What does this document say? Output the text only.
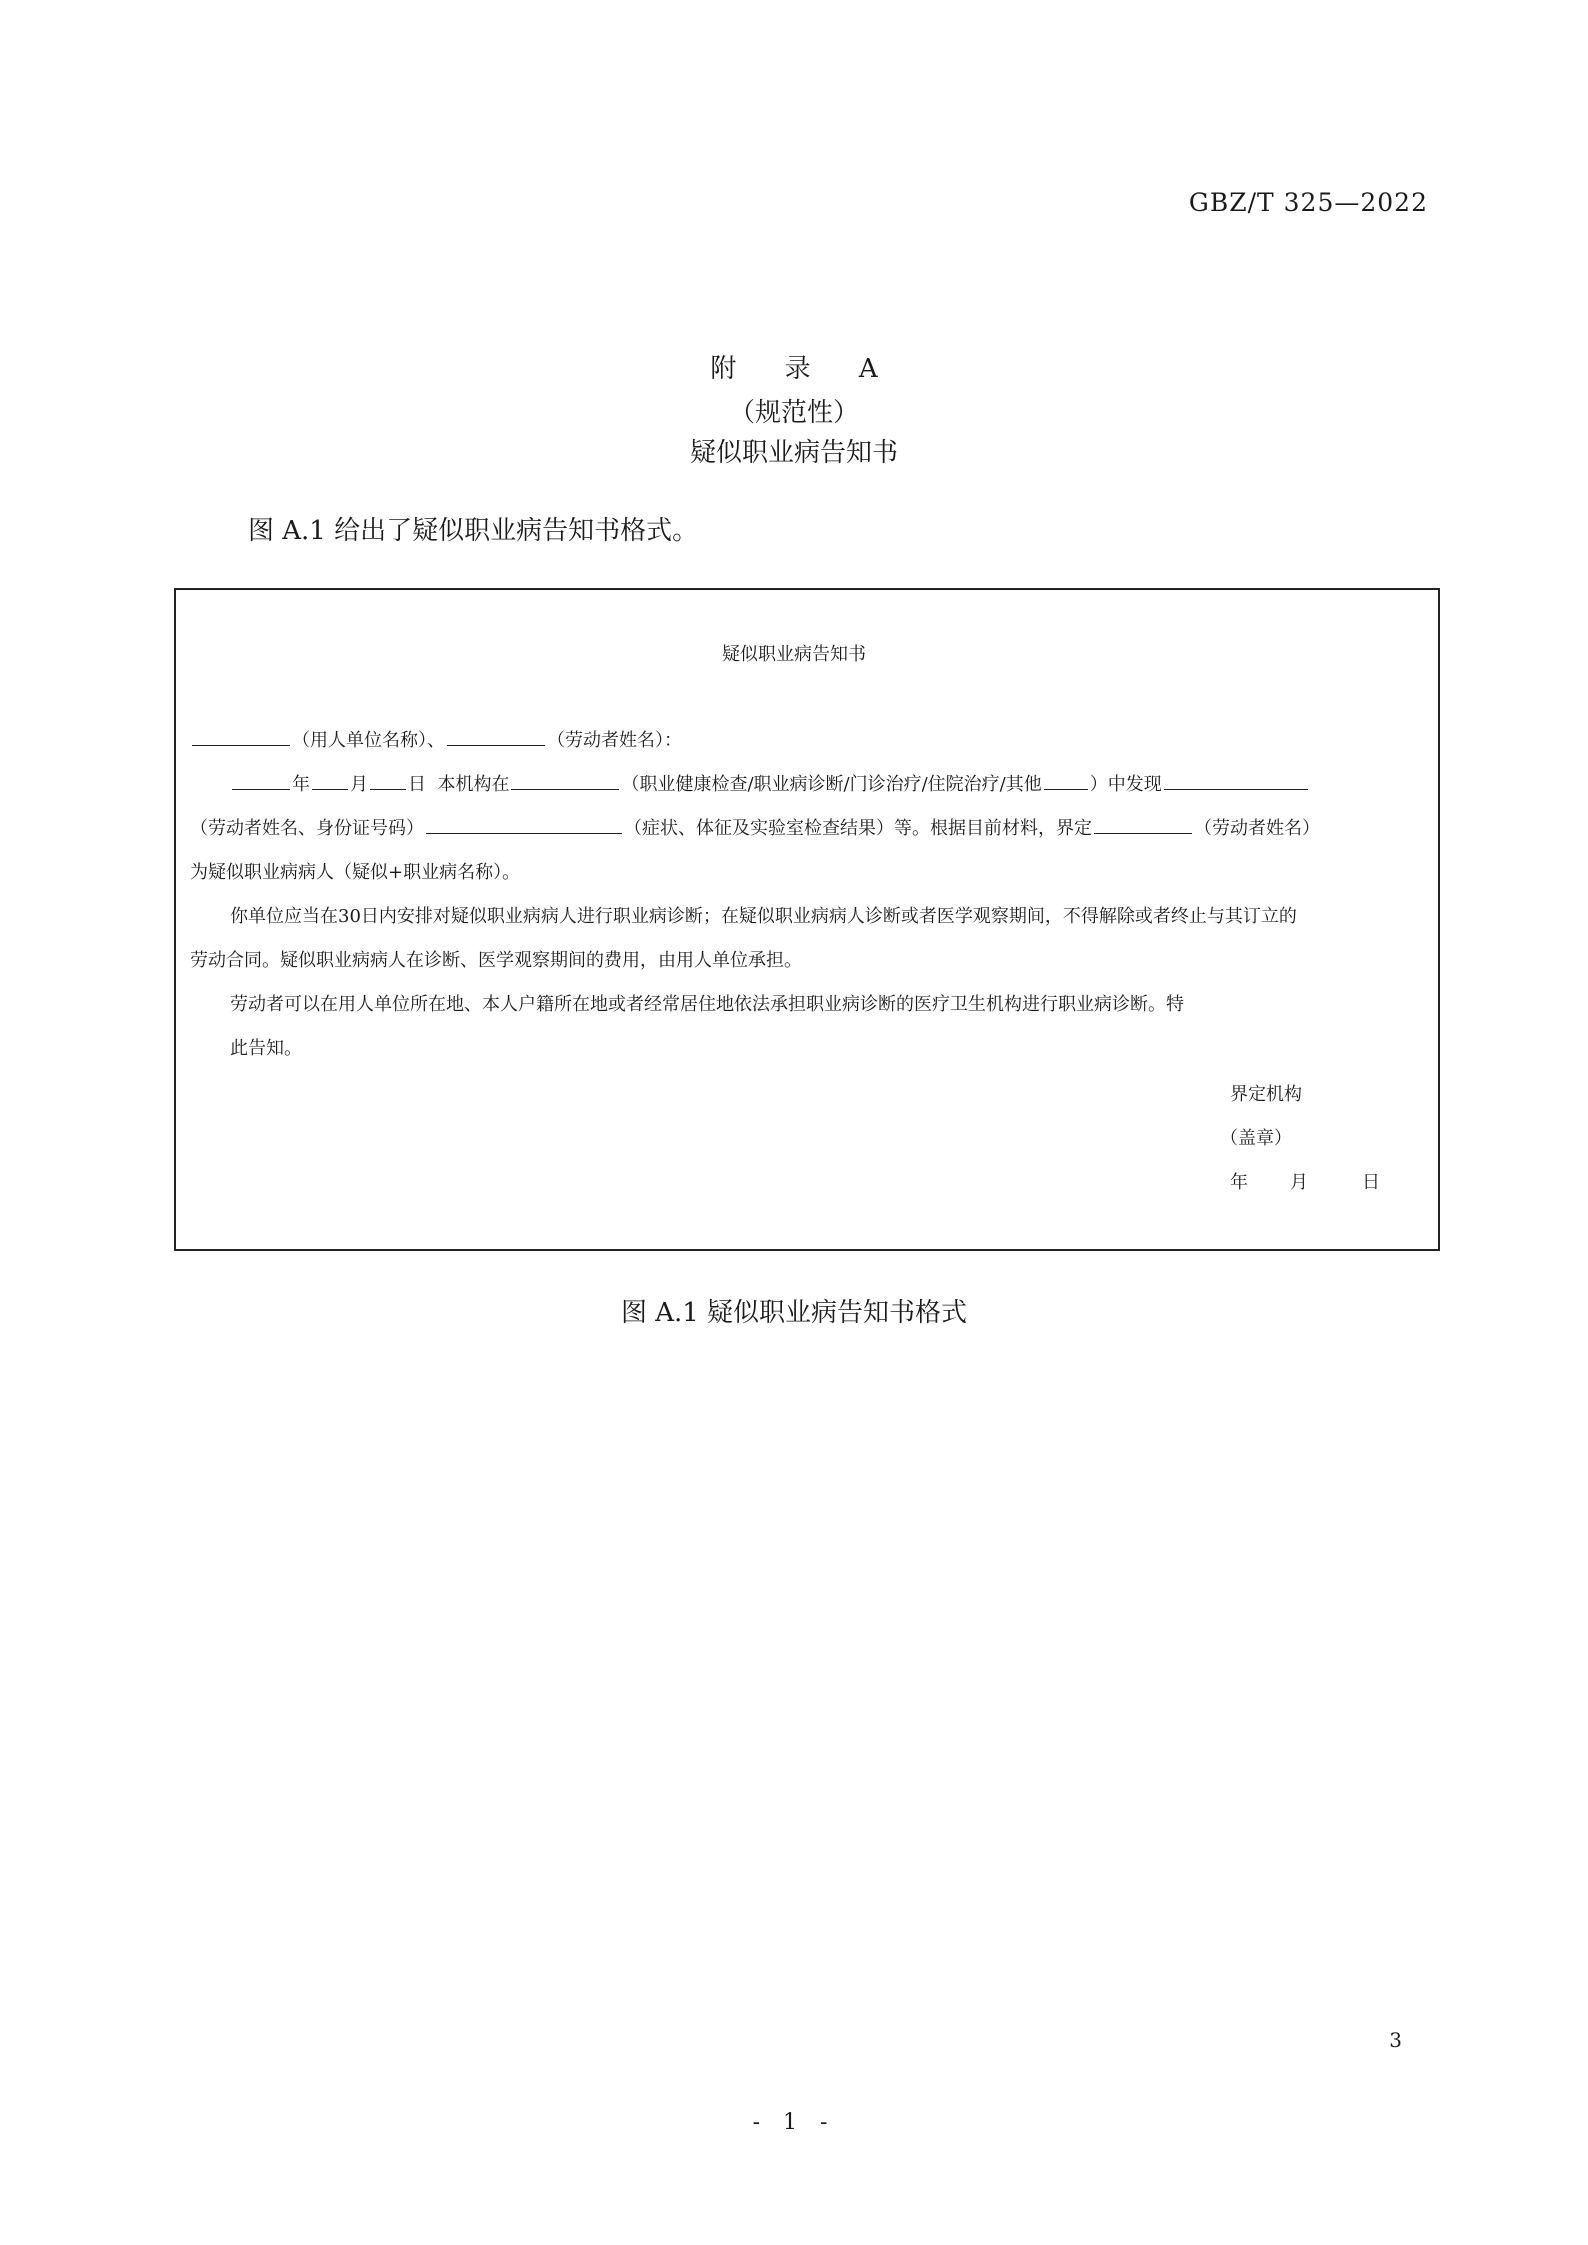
GBZ/T 325—2022
附 录 A
（规范性）
疑似职业病告知书
图 A.1 给出了疑似职业病告知书格式。
疑似职业病告知书
（用人单位名称）、	（劳动者姓名）：
年 月 日 本机构在	（职业健康检查/职业病诊断/门诊治疗/住院治疗/其他	）中发现
（劳动者姓名、身份证号码）	（症状、体征及实验室检查结果）等。根据目前材料，界定	（劳动者姓名）
为疑似职业病病人（疑似+职业病名称）。
你单位应当在30日内安排对疑似职业病病人进行职业病诊断；在疑似职业病病人诊断或者医学观察期间，不得解除或者终止与其订立的
劳动合同。疑似职业病病人在诊断、医学观察期间的费用，由用人单位承担。
劳动者可以在用人单位所在地、本人户籍所在地或者经常居住地依法承担职业病诊断的医疗卫生机构进行职业病诊断。特
此告知。
界定机构
（盖章）
年 月	日
图 A.1 疑似职业病告知书格式
3
- 1 -
